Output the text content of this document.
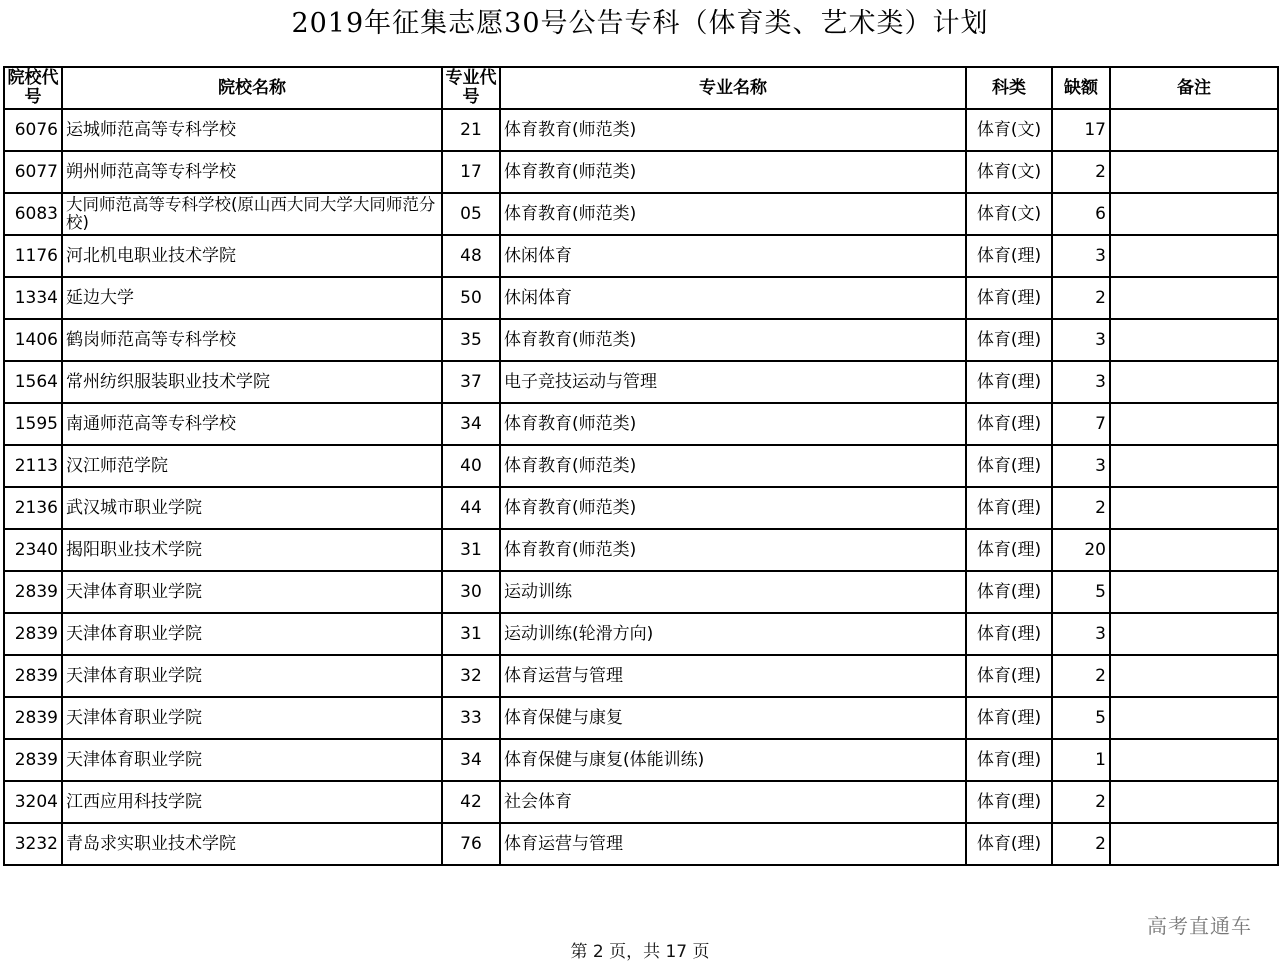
2019年征集志愿30号公告专科（体育类、艺术类）计划
院校代号	院校名称	专业代号	专业名称	科类	缺额	备注
6076	运城师范高等专科学校	21	体育教育(师范类)	体育(文)	17	
6077	朔州师范高等专科学校	17	体育教育(师范类)	体育(文)	2	
6083	大同师范高等专科学校(原山西大同大学大同师范分校)	05	体育教育(师范类)	体育(文)	6	
1176	河北机电职业技术学院	48	休闲体育	体育(理)	3	
1334	延边大学	50	休闲体育	体育(理)	2	
1406	鹤岗师范高等专科学校	35	体育教育(师范类)	体育(理)	3	
1564	常州纺织服装职业技术学院	37	电子竞技运动与管理	体育(理)	3	
1595	南通师范高等专科学校	34	体育教育(师范类)	体育(理)	7	
2113	汉江师范学院	40	体育教育(师范类)	体育(理)	3	
2136	武汉城市职业学院	44	体育教育(师范类)	体育(理)	2	
2340	揭阳职业技术学院	31	体育教育(师范类)	体育(理)	20	
2839	天津体育职业学院	30	运动训练	体育(理)	5	
2839	天津体育职业学院	31	运动训练(轮滑方向)	体育(理)	3	
2839	天津体育职业学院	32	体育运营与管理	体育(理)	2	
2839	天津体育职业学院	33	体育保健与康复	体育(理)	5	
2839	天津体育职业学院	34	体育保健与康复(体能训练)	体育(理)	1	
3204	江西应用科技学院	42	社会体育	体育(理)	2	
3232	青岛求实职业技术学院	76	体育运营与管理	体育(理)	2	
高考直通车
第 2 页，共 17 页
